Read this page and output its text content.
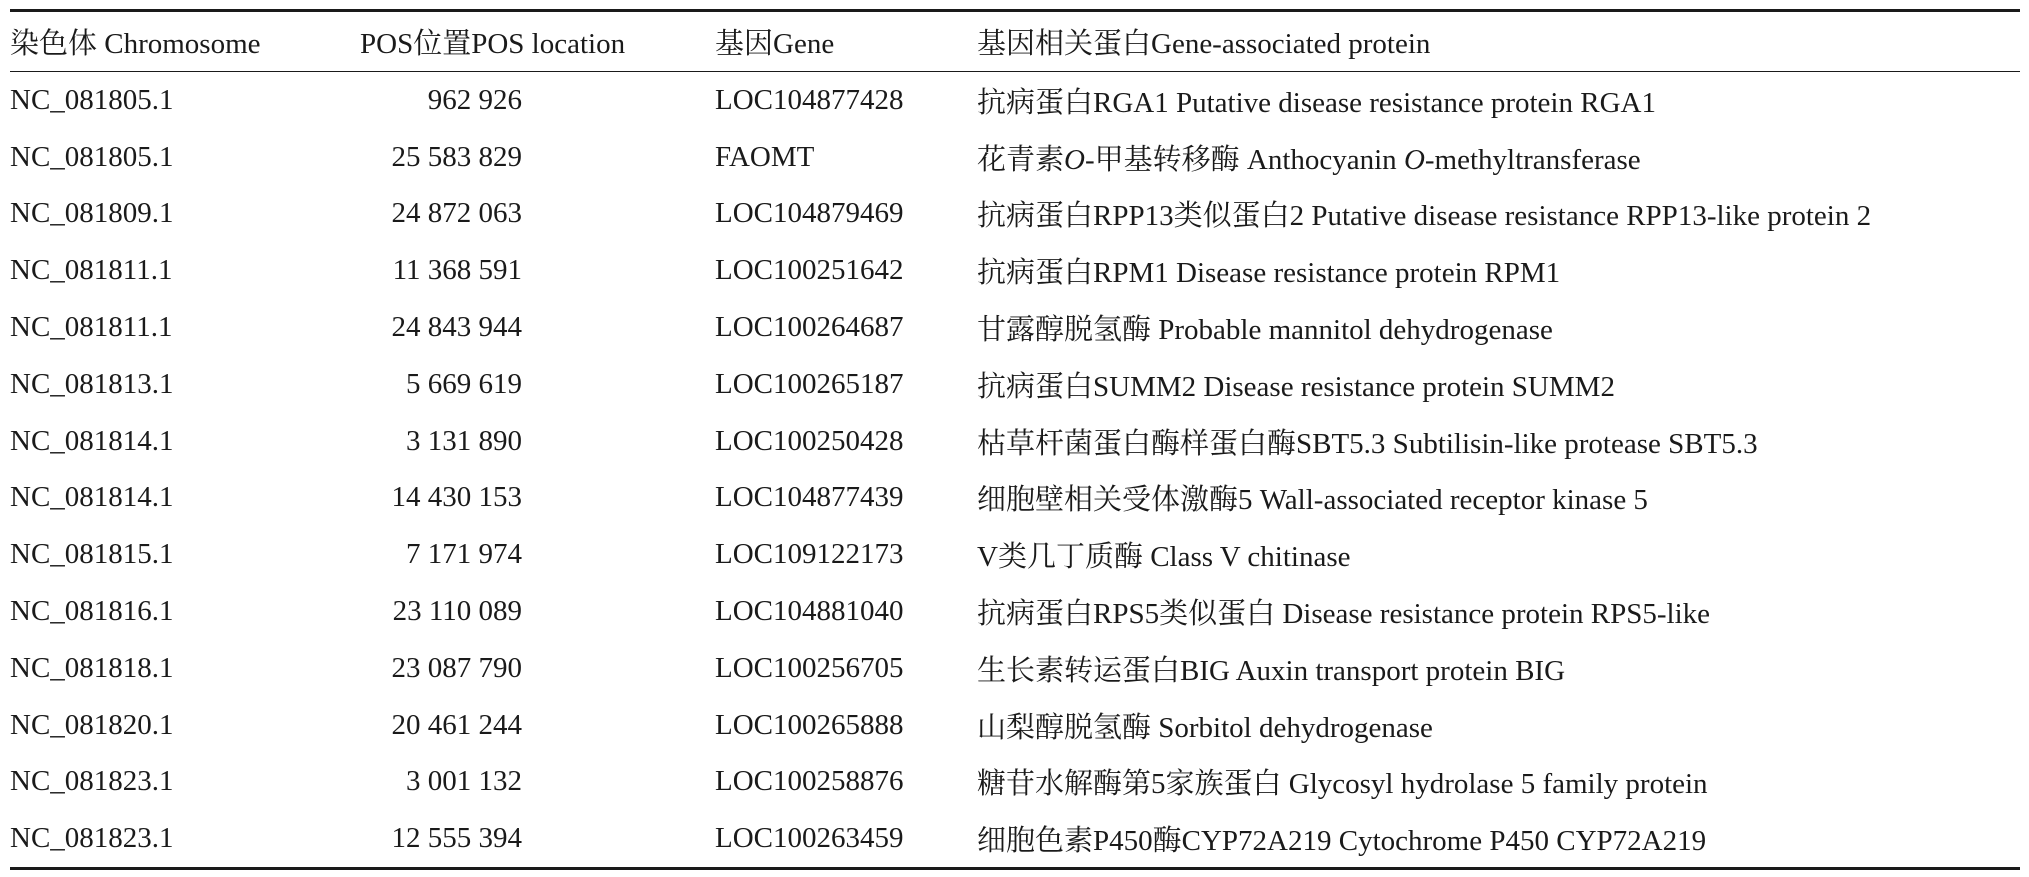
染色体 Chromosome	POS位置POS location	基因Gene	基因相关蛋白Gene-associated protein
NC_081805.1	962 926	LOC104877428	抗病蛋白RGA1 Putative disease resistance protein RGA1
NC_081805.1	25 583 829	FAOMT	花青素O-甲基转移酶 Anthocyanin O-methyltransferase
NC_081809.1	24 872 063	LOC104879469	抗病蛋白RPP13类似蛋白2 Putative disease resistance RPP13-like protein 2
NC_081811.1	11 368 591	LOC100251642	抗病蛋白RPM1 Disease resistance protein RPM1
NC_081811.1	24 843 944	LOC100264687	甘露醇脱氢酶 Probable mannitol dehydrogenase
NC_081813.1	5 669 619	LOC100265187	抗病蛋白SUMM2 Disease resistance protein SUMM2
NC_081814.1	3 131 890	LOC100250428	枯草杆菌蛋白酶样蛋白酶SBT5.3 Subtilisin-like protease SBT5.3
NC_081814.1	14 430 153	LOC104877439	细胞壁相关受体激酶5 Wall-associated receptor kinase 5
NC_081815.1	7 171 974	LOC109122173	V类几丁质酶 Class V chitinase
NC_081816.1	23 110 089	LOC104881040	抗病蛋白RPS5类似蛋白 Disease resistance protein RPS5-like
NC_081818.1	23 087 790	LOC100256705	生长素转运蛋白BIG Auxin transport protein BIG
NC_081820.1	20 461 244	LOC100265888	山梨醇脱氢酶 Sorbitol dehydrogenase
NC_081823.1	3 001 132	LOC100258876	糖苷水解酶第5家族蛋白 Glycosyl hydrolase 5 family protein
NC_081823.1	12 555 394	LOC100263459	细胞色素P450酶CYP72A219 Cytochrome P450 CYP72A219
